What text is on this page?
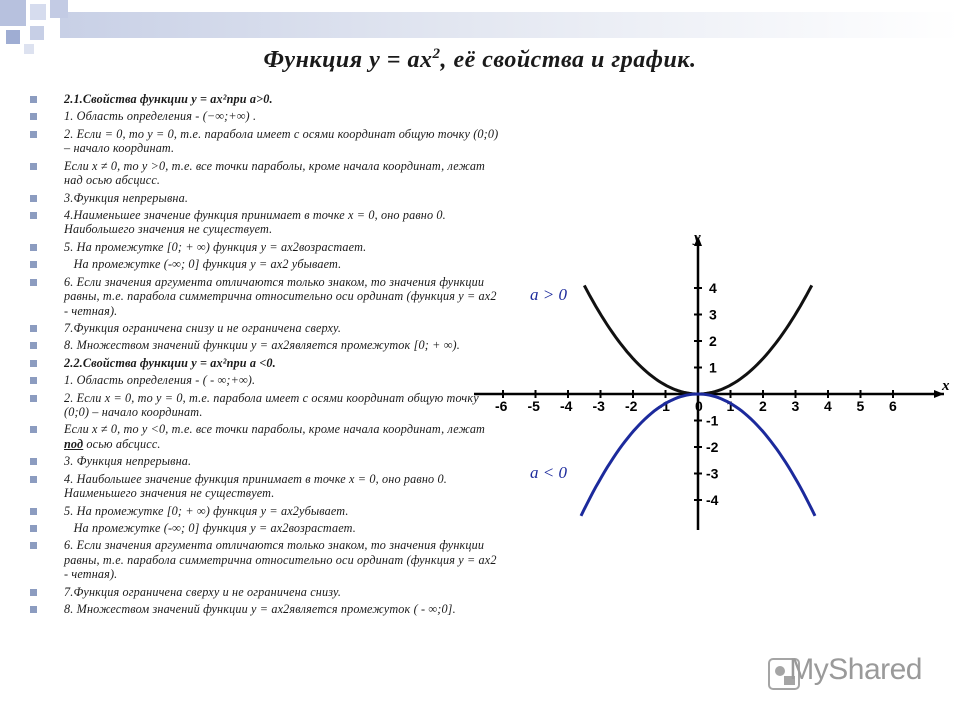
Функция $у = ах^2$, её свойства и график.
2.1.Свойства функции у = ах²при а>0.
1. Область определения - (−∞;+∞) .
2. Если = 0, то у = 0, т.е. парабола имеет с осями координат общую точку (0;0) – начало координат.
Если х ≠ 0, то у >0, т.е. все точки параболы, кроме начала координат, лежат над осью абсцисс.
3.Функция непрерывна.
4.Наименьшее значение функция принимает в точке х = 0, оно равно 0. Наибольшего значения не существует.
5. На промежутке [0; + ∞) функция у = ах2возрастает.
На промежутке (-∞; 0] функция у = ах2 убывает.
6. Если значения аргумента отличаются только знаком, то значения функции равны, т.е. парабола симметрична относительно оси ординат (функция у = ах2 - четная).
7.Функция ограничена снизу и не ограничена сверху.
8. Множеством значений функции у = ах2является промежуток [0; + ∞).
2.2.Свойства функции у = ах²при а <0.
1. Область определения - ( - ∞;+∞).
2. Если х = 0, то у = 0, т.е. парабола имеет с осями координат общую точку (0;0) – начало координат.
Если х ≠ 0, то у <0, т.е. все точки параболы, кроме начала координат, лежат под осью абсцисс.
3. Функция непрерывна.
4. Наибольшее значение функция принимает в точке х = 0, оно равно 0. Наименьшего значения не существует.
5. На промежутке [0; + ∞) функция у = ах2убывает.
На промежутке (-∞; 0] функция у = ах2возрастает.
6. Если значения аргумента отличаются только знаком, то значения функции равны, т.е. парабола симметрична относительно оси ординат (функция у = ах2 - четная).
7.Функция ограничена сверху и не ограничена снизу.
8. Множеством значений функции у = ах2является промежуток ( - ∞;0].
x
y
-6 -5 -4 -3 -2 -1 0 1 2 3 4 5 6
4
3
2
1
-1
-2
-3
-4
a > 0
a < 0
MyShared
